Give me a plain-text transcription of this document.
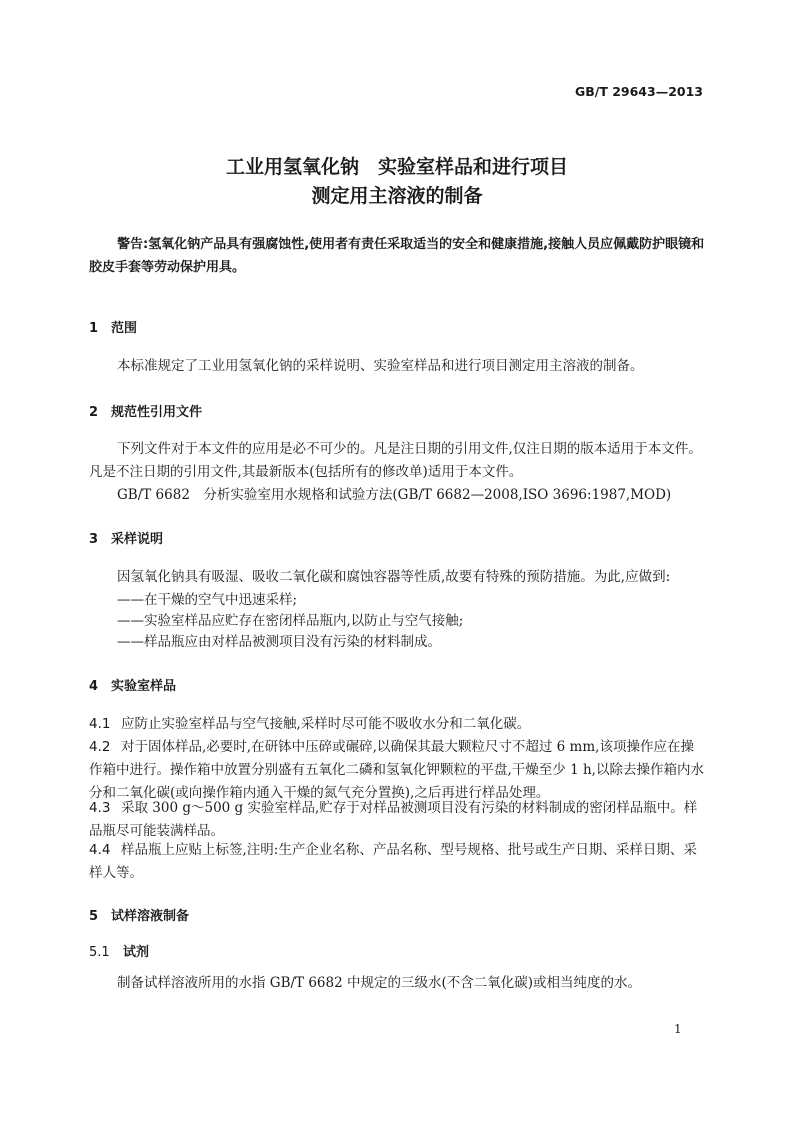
GB/T 29643—2013
工业用氢氧化钠　实验室样品和进行项目
测定用主溶液的制备
警告:氢氧化钠产品具有强腐蚀性,使用者有责任采取适当的安全和健康措施,接触人员应佩戴防护眼镜和胶皮手套等劳动保护用具。
1 范围
本标准规定了工业用氢氧化钠的采样说明、实验室样品和进行项目测定用主溶液的制备。
2 规范性引用文件
下列文件对于本文件的应用是必不可少的。凡是注日期的引用文件,仅注日期的版本适用于本文件。凡是不注日期的引用文件,其最新版本(包括所有的修改单)适用于本文件。
GB/T 6682　分析实验室用水规格和试验方法(GB/T 6682—2008,ISO 3696:1987,MOD)
3 采样说明
因氢氧化钠具有吸湿、吸收二氧化碳和腐蚀容器等性质,故要有特殊的预防措施。为此,应做到:
——在干燥的空气中迅速采样;
——实验室样品应贮存在密闭样品瓶内,以防止与空气接触;
——样品瓶应由对样品被测项目没有污染的材料制成。
4 实验室样品
4.1 应防止实验室样品与空气接触,采样时尽可能不吸收水分和二氧化碳。
4.2 对于固体样品,必要时,在研钵中压碎或碾碎,以确保其最大颗粒尺寸不超过 6 mm,该项操作应在操作箱中进行。操作箱中放置分别盛有五氧化二磷和氢氧化钾颗粒的平盘,干燥至少 1 h,以除去操作箱内水分和二氧化碳(或向操作箱内通入干燥的氮气充分置换),之后再进行样品处理。
4.3 采取 300 g～500 g 实验室样品,贮存于对样品被测项目没有污染的材料制成的密闭样品瓶中。样品瓶尽可能装满样品。
4.4 样品瓶上应贴上标签,注明:生产企业名称、产品名称、型号规格、批号或生产日期、采样日期、采样人等。
5 试样溶液制备
5.1 试剂
制备试样溶液所用的水指 GB/T 6682 中规定的三级水(不含二氧化碳)或相当纯度的水。
1
